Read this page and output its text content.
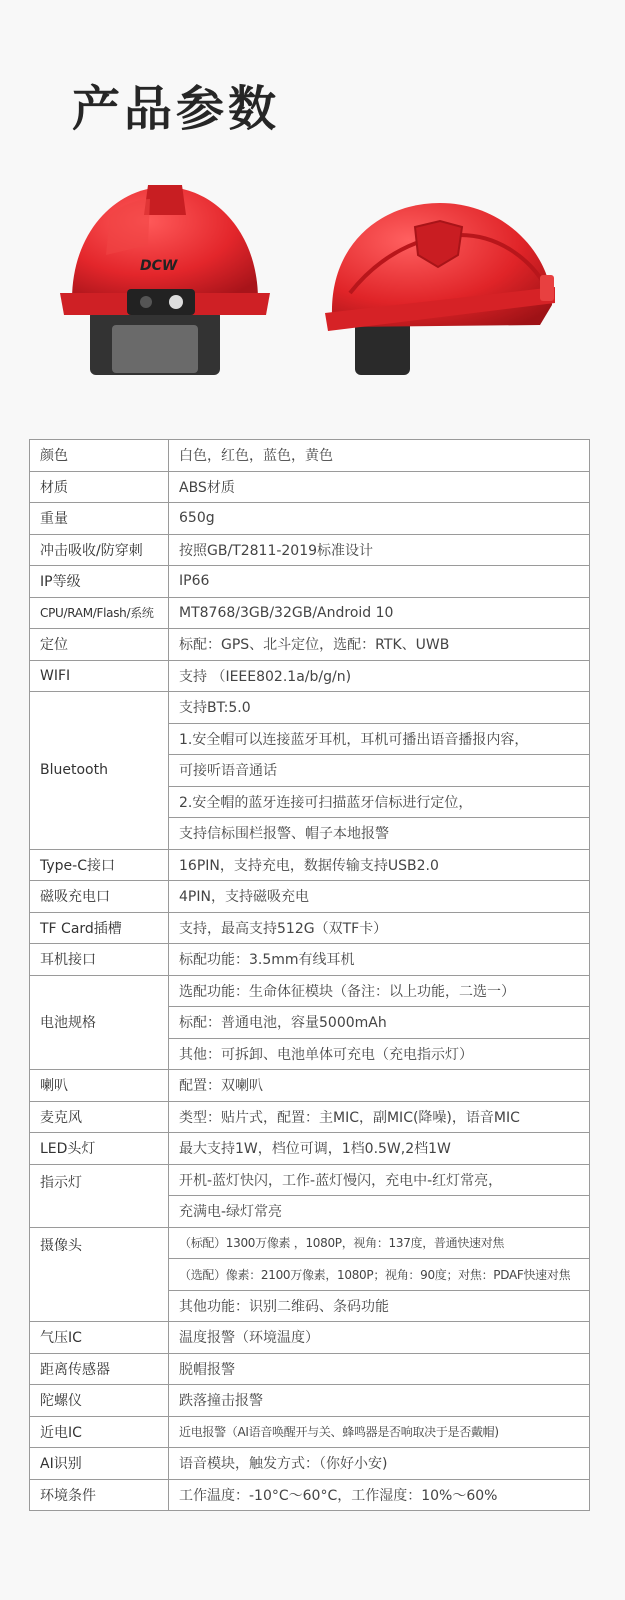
产品参数
DCW
颜色	白色，红色，蓝色，黄色
材质	ABS材质
重量	650g
冲击吸收/防穿刺	按照GB/T2811-2019标准设计
IP等级	IP66
CPU/RAM/Flash/系统	MT8768/3GB/32GB/Android 10
定位	标配：GPS、北斗定位，选配：RTK、UWB
WIFI	支持 （IEEE802.1a/b/g/n)
Bluetooth	支持BT:5.0
	1.安全帽可以连接蓝牙耳机，耳机可播出语音播报内容，
	可接听语音通话
	2.安全帽的蓝牙连接可扫描蓝牙信标进行定位，
	支持信标围栏报警、帽子本地报警
Type-C接口	16PIN，支持充电，数据传输支持USB2.0
磁吸充电口	4PIN，支持磁吸充电
TF Card插槽	支持，最高支持512G（双TF卡）
耳机接口	标配功能：3.5mm有线耳机
电池规格	选配功能：生命体征模块（备注：以上功能，二选一）
	标配：普通电池，容量5000mAh
	其他：可拆卸、电池单体可充电（充电指示灯）
喇叭	配置：双喇叭
麦克风	类型：贴片式，配置：主MIC，副MIC(降噪)，语音MIC
LED头灯	最大支持1W，档位可调，1档0.5W,2档1W
指示灯	开机-蓝灯快闪，工作-蓝灯慢闪，充电中-红灯常亮，
	充满电-绿灯常亮
摄像头	（标配）1300万像素 ，1080P，视角：137度，普通快速对焦
	（选配）像素：2100万像素，1080P；视角：90度；对焦：PDAF快速对焦
	其他功能：识别二维码、条码功能
气压IC	温度报警（环境温度）
距离传感器	脱帽报警
陀螺仪	跌落撞击报警
近电IC	近电报警（AI语音唤醒开与关、蜂鸣器是否响取决于是否戴帽)
AI识别	语音模块，触发方式：（你好小安)
环境条件	工作温度：-10°C～60°C，工作湿度：10%～60%
